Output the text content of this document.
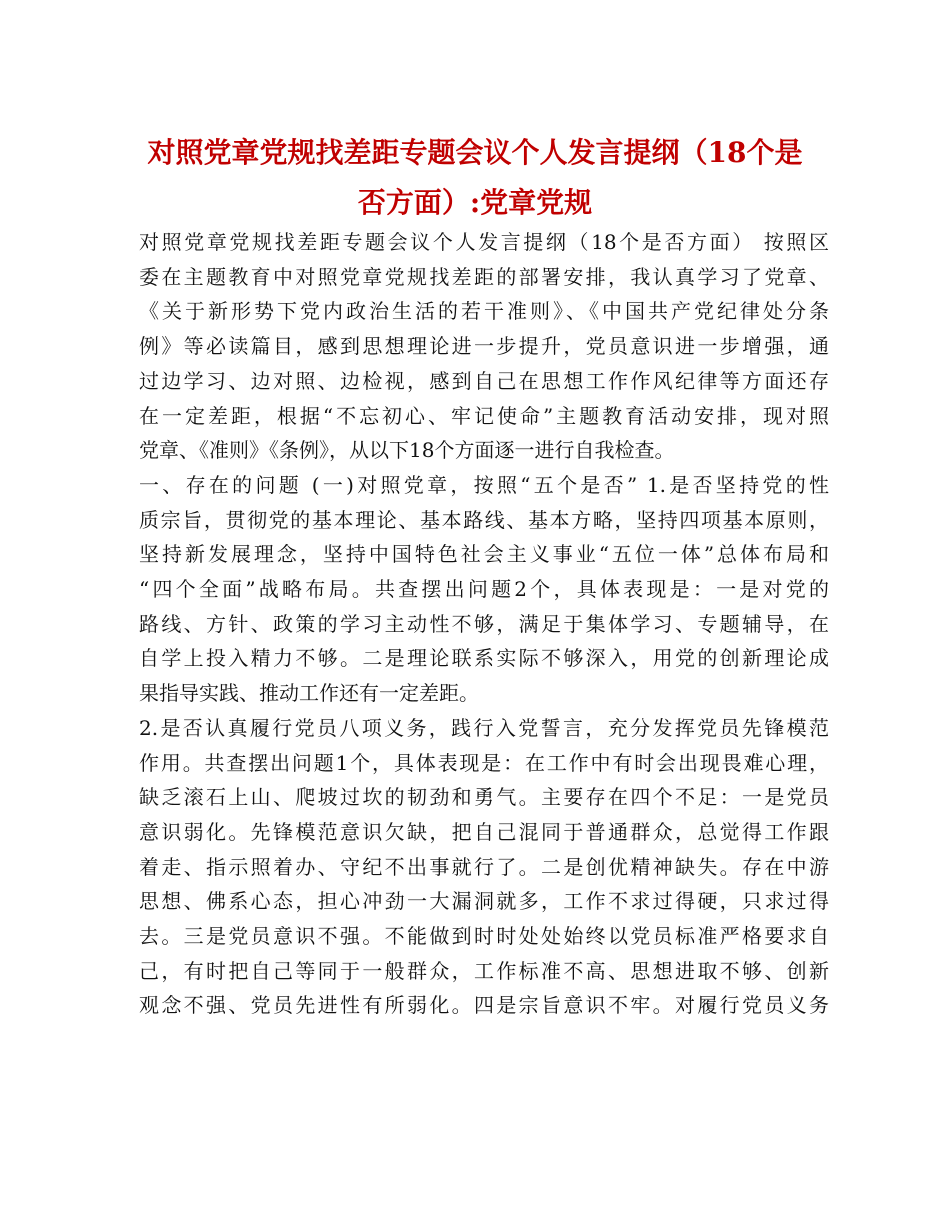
对照党章党规找差距专题会议个人发言提纲（18个是
否方面）:党章党规
对照党章党规找差距专题会议个人发言提纲（18个是否方面） 按照区
委在主题教育中对照党章党规找差距的部署安排，我认真学习了党章、
《关于新形势下党内政治生活的若干准则》、《中国共产党纪律处分条
例》等必读篇目，感到思想理论进一步提升，党员意识进一步增强，通
过边学习、边对照、边检视，感到自己在思想工作作风纪律等方面还存
在一定差距，根据“不忘初心、牢记使命”主题教育活动安排，现对照
党章、《准则》《条例》，从以下18个方面逐一进行自我检查。
一、存在的问题 (一)对照党章，按照“五个是否” 1.是否坚持党的性
质宗旨，贯彻党的基本理论、基本路线、基本方略，坚持四项基本原则，
坚持新发展理念，坚持中国特色社会主义事业“五位一体”总体布局和
“四个全面”战略布局。共查摆出问题2个，具体表现是：一是对党的
路线、方针、政策的学习主动性不够，满足于集体学习、专题辅导，在
自学上投入精力不够。二是理论联系实际不够深入，用党的创新理论成
果指导实践、推动工作还有一定差距。
2.是否认真履行党员八项义务，践行入党誓言，充分发挥党员先锋模范
作用。共查摆出问题1个，具体表现是：在工作中有时会出现畏难心理，
缺乏滚石上山、爬坡过坎的韧劲和勇气。主要存在四个不足：一是党员
意识弱化。先锋模范意识欠缺，把自己混同于普通群众，总觉得工作跟
着走、指示照着办、守纪不出事就行了。二是创优精神缺失。存在中游
思想、佛系心态，担心冲劲一大漏洞就多，工作不求过得硬，只求过得
去。三是党员意识不强。不能做到时时处处始终以党员标准严格要求自
己，有时把自己等同于一般群众，工作标准不高、思想进取不够、创新
观念不强、党员先进性有所弱化。四是宗旨意识不牢。对履行党员义务
